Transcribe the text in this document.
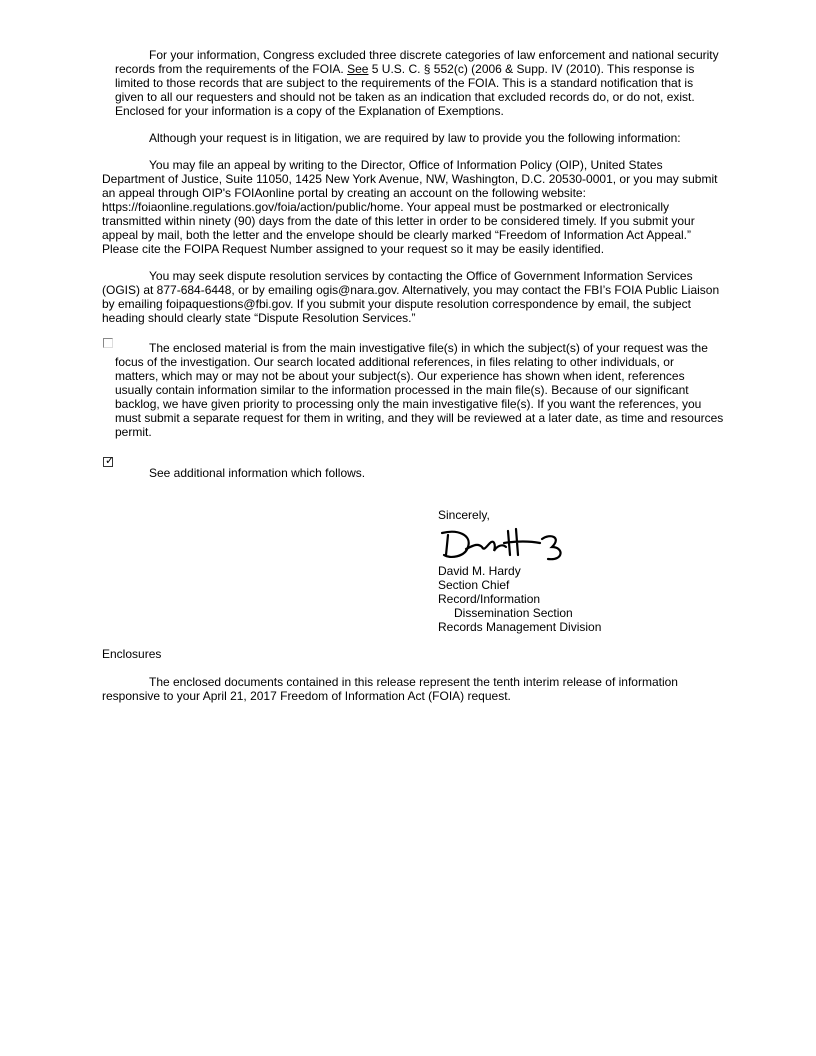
For your information, Congress excluded three discrete categories of law enforcement and national security
records from the requirements of the FOIA. See 5 U.S. C. § 552(c) (2006 & Supp. IV (2010). This response is
limited to those records that are subject to the requirements of the FOIA. This is a standard notification that is
given to all our requesters and should not be taken as an indication that excluded records do, or do not, exist.
Enclosed for your information is a copy of the Explanation of Exemptions.
Although your request is in litigation, we are required by law to provide you the following information:
You may file an appeal by writing to the Director, Office of Information Policy (OIP), United States
Department of Justice, Suite 11050, 1425 New York Avenue, NW, Washington, D.C. 20530-0001, or you may submit
an appeal through OIP's FOIAonline portal by creating an account on the following website:
https://foiaonline.regulations.gov/foia/action/public/home. Your appeal must be postmarked or electronically
transmitted within ninety (90) days from the date of this letter in order to be considered timely. If you submit your
appeal by mail, both the letter and the envelope should be clearly marked “Freedom of Information Act Appeal.”
Please cite the FOIPA Request Number assigned to your request so it may be easily identified.
You may seek dispute resolution services by contacting the Office of Government Information Services
(OGIS) at 877-684-6448, or by emailing ogis@nara.gov. Alternatively, you may contact the FBI’s FOIA Public Liaison
by emailing foipaquestions@fbi.gov. If you submit your dispute resolution correspondence by email, the subject
heading should clearly state “Dispute Resolution Services.”
The enclosed material is from the main investigative file(s) in which the subject(s) of your request was the
focus of the investigation. Our search located additional references, in files relating to other individuals, or
matters, which may or may not be about your subject(s). Our experience has shown when ident, references
usually contain information similar to the information processed in the main file(s). Because of our significant
backlog, we have given priority to processing only the main investigative file(s). If you want the references, you
must submit a separate request for them in writing, and they will be reviewed at a later date, as time and resources
permit.
✓
See additional information which follows.
Sincerely,
David M. Hardy
Section Chief
Record/Information
Dissemination Section
Records Management Division
Enclosures
The enclosed documents contained in this release represent the tenth interim release of information
responsive to your April 21, 2017 Freedom of Information Act (FOIA) request.
